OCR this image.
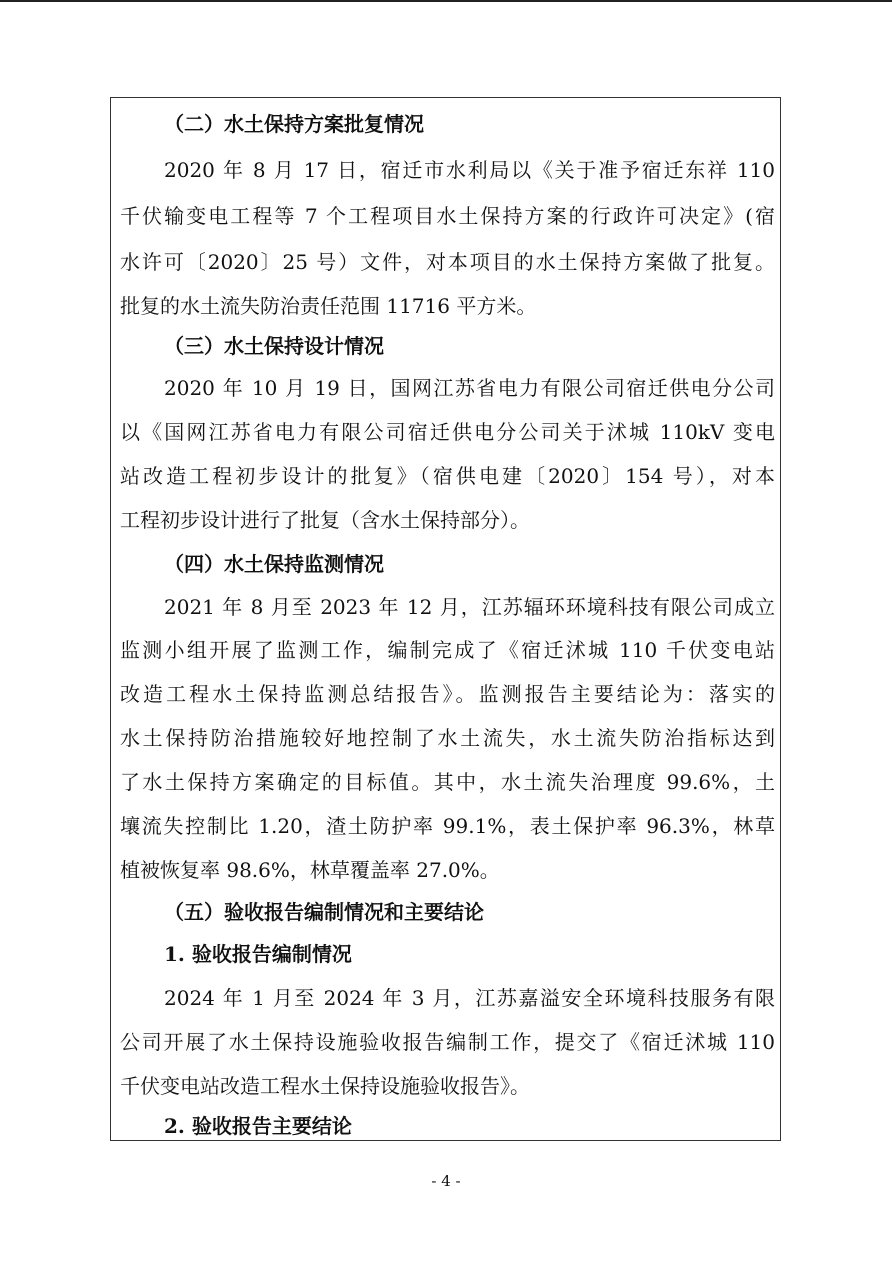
（二）水土保持方案批复情况
2020 年 8 月 17 日，宿迁市水利局以《关于准予宿迁东祥 110
千伏输变电工程等 7 个工程项目水土保持方案的行政许可决定》(宿
水许可〔2020〕25 号）文件，对本项目的水土保持方案做了批复。
批复的水土流失防治责任范围 11716 平方米。
（三）水土保持设计情况
2020 年 10 月 19 日，国网江苏省电力有限公司宿迁供电分公司
以《国网江苏省电力有限公司宿迁供电分公司关于沭城 110kV 变电
站改造工程初步设计的批复》（宿供电建〔2020〕154 号），对本
工程初步设计进行了批复（含水土保持部分）。
（四）水土保持监测情况
2021 年 8 月至 2023 年 12 月，江苏辐环环境科技有限公司成立
监测小组开展了监测工作，编制完成了《宿迁沭城 110 千伏变电站
改造工程水土保持监测总结报告》。监测报告主要结论为：落实的
水土保持防治措施较好地控制了水土流失，水土流失防治指标达到
了水土保持方案确定的目标值。其中，水土流失治理度 99.6%，土
壤流失控制比 1.20，渣土防护率 99.1%，表土保护率 96.3%，林草
植被恢复率 98.6%，林草覆盖率 27.0%。
（五）验收报告编制情况和主要结论
1. 验收报告编制情况
2024 年 1 月至 2024 年 3 月，江苏嘉溢安全环境科技服务有限
公司开展了水土保持设施验收报告编制工作，提交了《宿迁沭城 110
千伏变电站改造工程水土保持设施验收报告》。
2. 验收报告主要结论
- 4 -
